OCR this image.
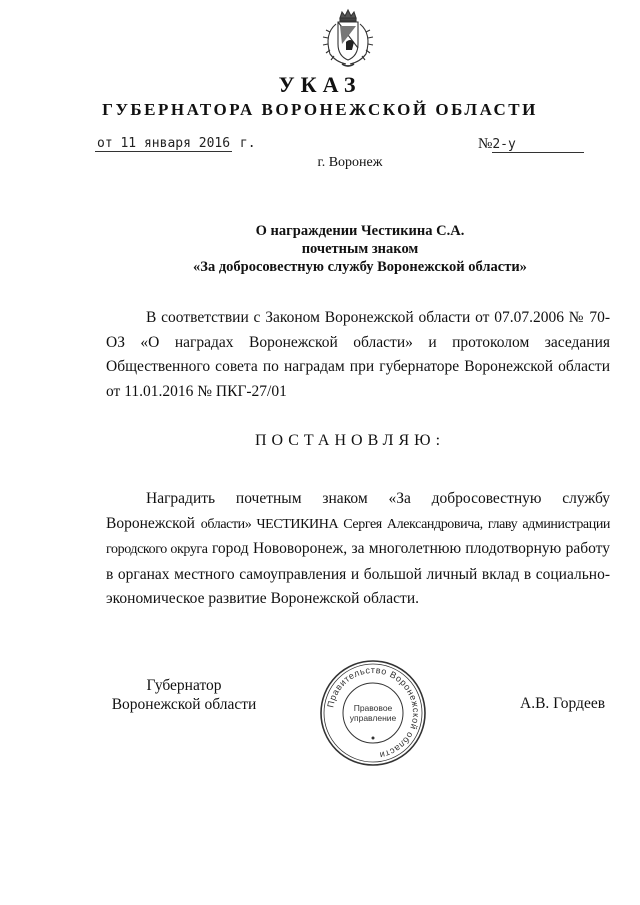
УКАЗ
ГУБЕРНАТОРА ВОРОНЕЖСКОЙ ОБЛАСТИ
от 11 января 2016 г.	№2-у
г. Воронеж
О награждении Честикина С.А.
почетным знаком
«За добросовестную службу Воронежской области»
В соответствии с Законом Воронежской области от 07.07.2006 № 70-ОЗ «О наградах Воронежской области» и протоколом заседания Общественного совета по наградам при губернаторе Воронежской области от 11.01.2016 № ПКГ-27/01
ПОСТАНОВЛЯЮ:
Наградить почетным знаком «За добросовестную службу Воронежской области» ЧЕСТИКИНА Сергея Александровича, главу администрации городского округа город Нововоронеж, за многолетнюю плодотворную работу в органах местного самоуправления и большой личный вклад в социально-экономическое развитие Воронежской области.
Губернатор
Воронежской области	Правительство Воронежской области
Правовое
управление
А.В. Гордеев
